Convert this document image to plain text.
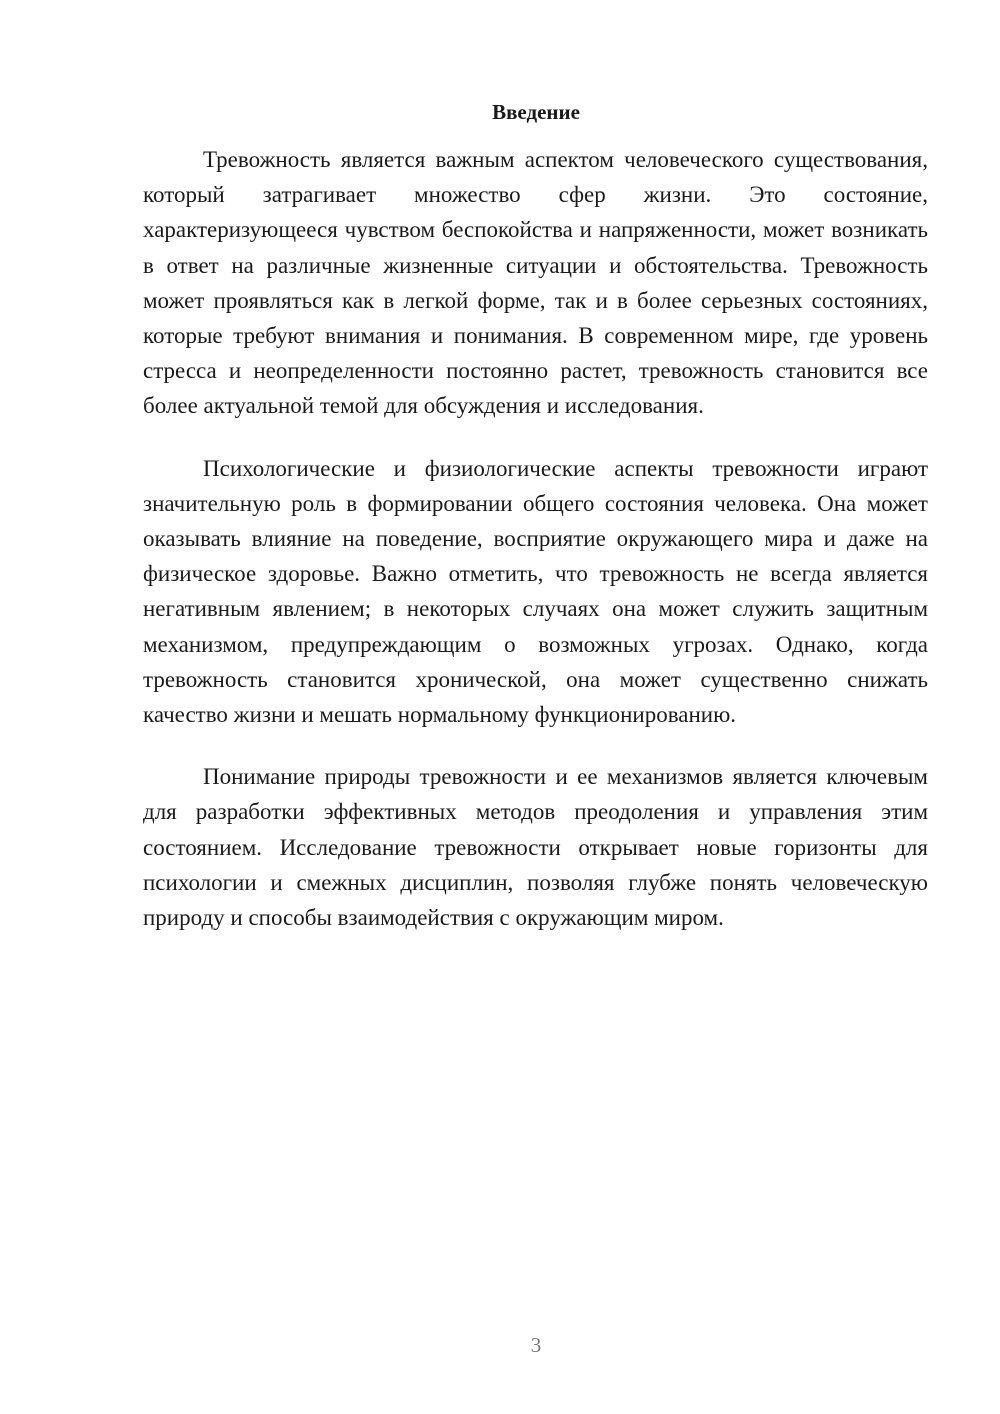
Введение

Тревожность является важным аспектом человеческого существования, который затрагивает множество сфер жизни. Это состояние, характеризующееся чувством беспокойства и напряженности, может возникать в ответ на различные жизненные ситуации и обстоятельства. Тревожность может проявляться как в легкой форме, так и в более серьезных состояниях, которые требуют внимания и понимания. В современном мире, где уровень стресса и неопределенности постоянно растет, тревожность становится все более актуальной темой для обсуждения и исследования.

Психологические и физиологические аспекты тревожности играют значительную роль в формировании общего состояния человека. Она может оказывать влияние на поведение, восприятие окружающего мира и даже на физическое здоровье. Важно отметить, что тревожность не всегда является негативным явлением; в некоторых случаях она может служить защитным механизмом, предупреждающим о возможных угрозах. Однако, когда тревожность становится хронической, она может существенно снижать качество жизни и мешать нормальному функционированию.

Понимание природы тревожности и ее механизмов является ключевым для разработки эффективных методов преодоления и управления этим состоянием. Исследование тревожности открывает новые горизонты для психологии и смежных дисциплин, позволяя глубже понять человеческую природу и способы взаимодействия с окружающим миром.

3
